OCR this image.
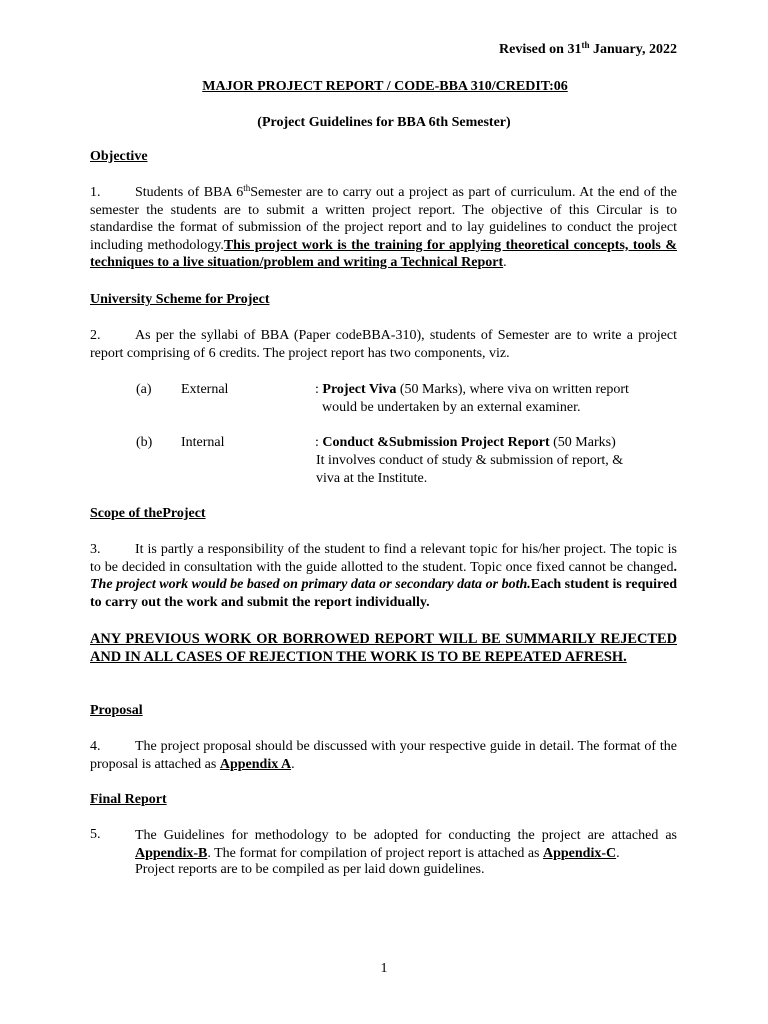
Revised on 31th January, 2022
MAJOR PROJECT REPORT / CODE-BBA 310/CREDIT:06
(Project Guidelines for BBA 6th Semester)
Objective
1. Students of BBA 6thSemester are to carry out a project as part of curriculum. At the end of the semester the students are to submit a written project report. The objective of this Circular is to standardise the format of submission of the project report and to lay guidelines to conduct the project including methodology.This project work is the training for applying theoretical concepts, tools & techniques to a live situation/problem and writing a Technical Report.
University Scheme for Project
2. As per the syllabi of BBA (Paper codeBBA-310), students of Semester are to write a project report comprising of 6 credits. The project report has two components, viz.
(a) External	: Project Viva (50 Marks), where viva on written report
would be undertaken by an external examiner.
(b) Internal	: Conduct &Submission Project Report (50 Marks)
It involves conduct of study & submission of report, &
viva at the Institute.
Scope of theProject
3. It is partly a responsibility of the student to find a relevant topic for his/her project. The topic is to be decided in consultation with the guide allotted to the student. Topic once fixed cannot be changed. The project work would be based on primary data or secondary data or both.Each student is required to carry out the work and submit the report individually.
ANY PREVIOUS WORK OR BORROWED REPORT WILL BE SUMMARILY REJECTED AND IN ALL CASES OF REJECTION THE WORK IS TO BE REPEATED AFRESH.
Proposal
4. The project proposal should be discussed with your respective guide in detail. The format of the proposal is attached as Appendix A.
Final Report
5. The Guidelines for methodology to be adopted for conducting the project are attached as Appendix-B. The format for compilation of project report is attached as Appendix-C.
Project reports are to be compiled as per laid down guidelines.
1
